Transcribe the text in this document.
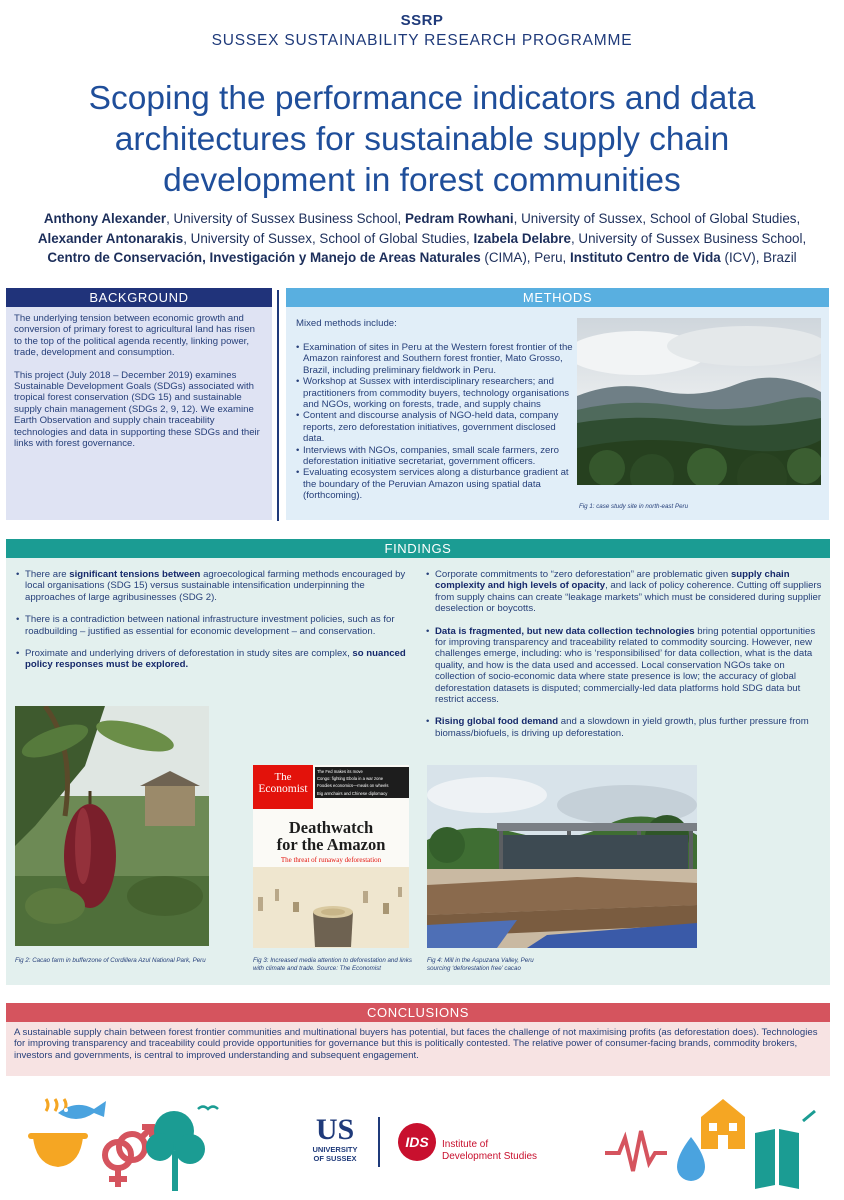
SSRP
SUSSEX SUSTAINABILITY RESEARCH PROGRAMME
Scoping the performance indicators and data architectures for sustainable supply chain development in forest communities
Anthony Alexander, University of Sussex Business School, Pedram Rowhani, University of Sussex, School of Global Studies,
Alexander Antonarakis, University of Sussex, School of Global Studies, Izabela Delabre, University of Sussex Business School,
Centro de Conservación, Investigación y Manejo de Areas Naturales (CIMA), Peru, Instituto Centro de Vida (ICV), Brazil
BACKGROUND

The underlying tension between economic growth and conversion of primary forest to agricultural land has risen to the top of the political agenda recently, linking power, trade, development and consumption.

This project (July 2018 – December 2019) examines Sustainable Development Goals (SDGs) associated with tropical forest conservation (SDG 15) and sustainable supply chain management (SDGs 2, 9, 12). We examine Earth Observation and supply chain traceability technologies and data in supporting these SDGs and their links with forest governance.

METHODS
Mixed methods include:
• Examination of sites in Peru at the Western forest frontier of the Amazon rainforest and Southern forest frontier, Mato Grosso, Brazil, including preliminary fieldwork in Peru.
• Workshop at Sussex with interdisciplinary researchers; and practitioners from commodity buyers, technology organisations and NGOs, working on forests, trade, and supply chains
• Content and discourse analysis of NGO-held data, company reports, zero deforestation initiatives, government disclosed data.
• Interviews with NGOs, companies, small scale farmers, zero deforestation initiative secretariat, government officers.
• Evaluating ecosystem services along a disturbance gradient at the boundary of the Peruvian Amazon using spatial data (forthcoming).
Fig 1: case study site in north-east Peru
FINDINGS
• There are significant tensions between agroecological farming methods encouraged by local organisations (SDG 15) versus sustainable intensification underpinning the approaches of large agribusinesses (SDG 2).
• There is a contradiction between national infrastructure investment policies, such as for roadbuilding – justified as essential for economic development – and conservation.
• Proximate and underlying drivers of deforestation in study sites are complex, so nuanced policy responses must be explored.
• Corporate commitments to “zero deforestation” are problematic given supply chain complexity and high levels of opacity, and lack of policy coherence. Cutting off suppliers from supply chains can create “leakage markets” which must be considered during supplier deselection or boycotts.
• Data is fragmented, but new data collection technologies bring potential opportunities for improving transparency and traceability related to commodity sourcing. However, new challenges emerge, including: who is ‘responsibilised’ for data collection, what is the data quality, and how is the data used and accessed. Local conservation NGOs take on collection of socio-economic data where state presence is low; the accuracy of global deforestation datasets is disputed; commercially-led data platforms hold SDG data but restrict access.
• Rising global food demand and a slowdown in yield growth, plus further pressure from biomass/biofuels, is driving up deforestation.
Fig 2: Cacao farm in bufferzone of Cordillera Azul National Park, Peru
The
Economist
The Fed makes its move
Congo: fighting Ebola in a war zone
Foodies economics—meals on wheels
Big armchairs and Chinese diplomacy
Deathwatch
for the Amazon
The threat of runaway deforestation
Fig 3: Increased media attention to deforestation and links with climate and trade. Source: The Economist
Fig 4: Mill in the Aspuzana Valley, Peru sourcing ‘deforestation free’ cacao
CONCLUSIONS
A sustainable supply chain between forest frontier communities and multinational buyers has potential, but faces the challenge of not maximising profits (as deforestation does). Technologies for improving transparency and traceability could provide opportunities for governance but this is politically contested. The relative power of consumer-facing brands, commodity brokers, investors and governments, is central to improved understanding and subsequent engagement.
US
UNIVERSITY
OF SUSSEX
IDS	Institute of
Development Studies
